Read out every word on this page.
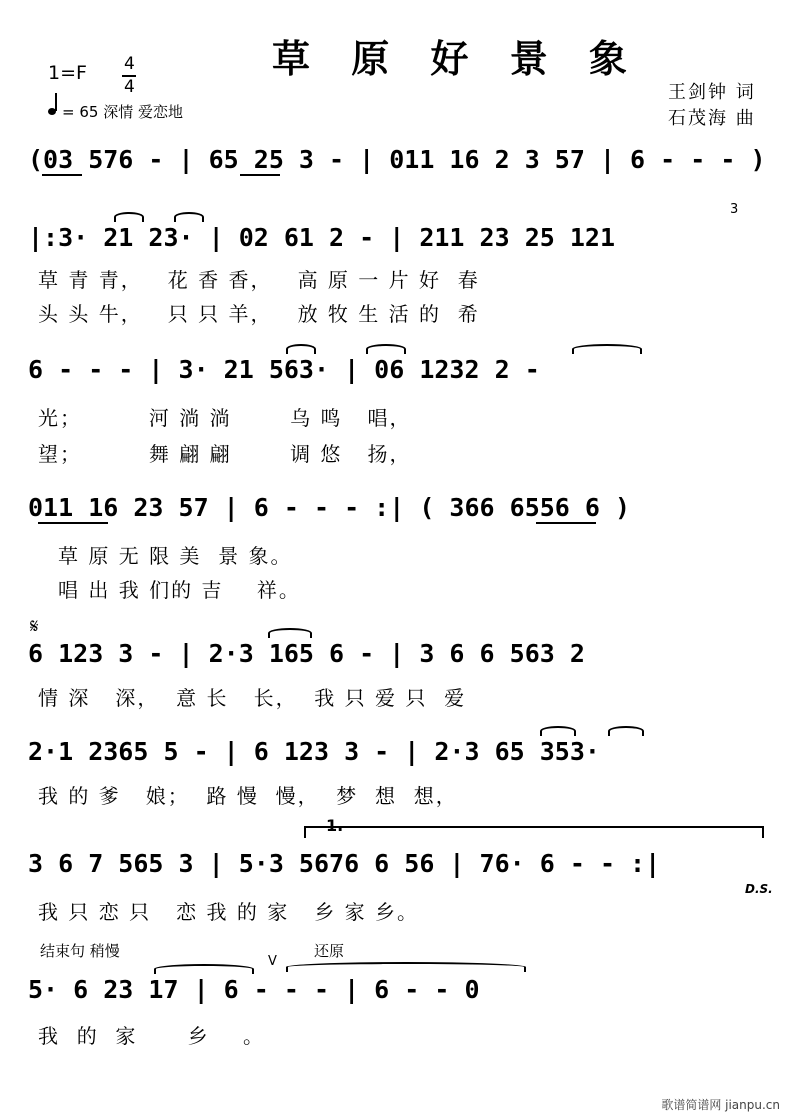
草 原 好 景 象
1=F 4
4
= 65 深情 爱恋地
王剑钟 词
石茂海 曲
(03 576 - | 65 25 3 - | 011 16 2 3 57 | 6 - - - )
|:3· 21 23· | 02 61 2 - | 211 23 25 121
3
草 青 青，   花 香 香，   高 原 一 片 好  春
头 头 牛，   只 只 羊，   放 牧 生 活 的  希
6 - - - | 3· 21 563· | 06 1232 2 -
光；        河 淌 淌       乌 鸣   唱，
望；        舞 翩 翩       调 悠   扬，
011 16 23 57 | 6 - - - :| ( 366 6556 6 )
草 原 无 限 美  景 象。
唱 出 我 们的 吉    祥。
𝄋
6 123 3 - | 2·3 165 6 - | 3 6 6 563 2
情 深   深，  意 长   长，  我 只 爱 只  爱
2·1 2365 5 - | 6 123 3 - | 2·3 65 353·
我 的 爹   娘；  路 慢  慢，  梦  想  想，
1.
3 6 7 565 3 | 5·3 5676 6 56 | 76· 6 - - :|
我 只 恋 只   恋 我 的 家   乡 家 乡。
D.S.
结束句 稍慢
V
还原
5· 6 23 17 | 6 - - - | 6 - - 0
我  的  家      乡    。
歌谱简谱网 jianpu.cn
